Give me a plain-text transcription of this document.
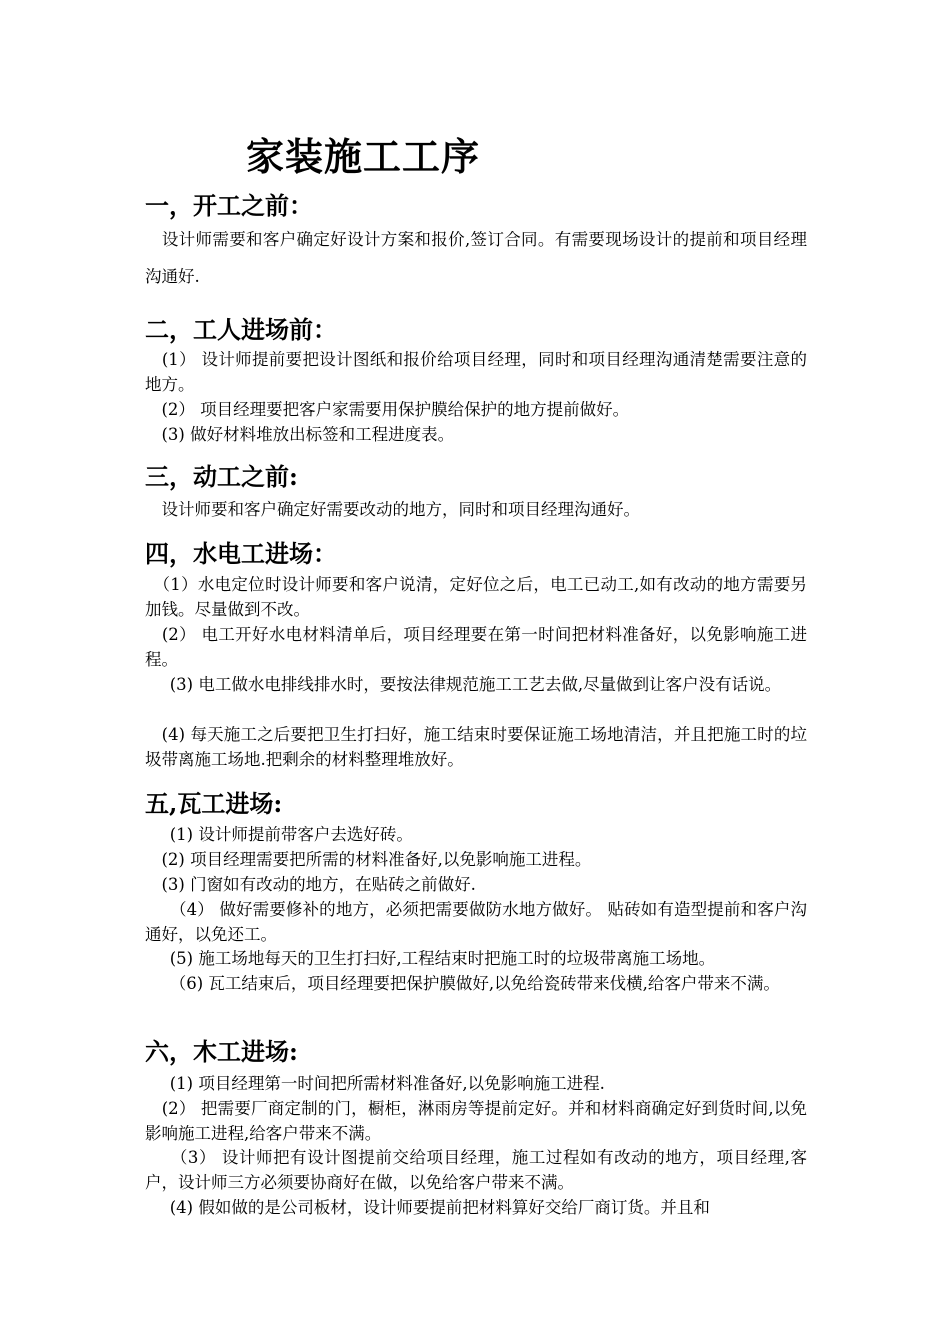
家装施工工序
一，开工之前：

　设计师需要和客户确定好设计方案和报价,签订合同。有需要现场设计的提前和项目经理沟通好.

二，工人进场前：

　(1） 设计师提前要把设计图纸和报价给项目经理，同时和项目经理沟通清楚需要注意的地方。

　(2） 项目经理要把客户家需要用保护膜给保护的地方提前做好。

　(3) 做好材料堆放出标签和工程进度表。

三，动工之前:

　设计师要和客户确定好需要改动的地方，同时和项目经理沟通好。

四，水电工进场：

　（1）水电定位时设计师要和客户说清，定好位之后，电工已动工,如有改动的地方需要另加钱。尽量做到不改。

　(2） 电工开好水电材料清单后，项目经理要在第一时间把材料准备好，以免影响施工进程。

　 (3) 电工做水电排线排水时，要按法律规范施工工艺去做,尽量做到让客户没有话说。

　(4) 每天施工之后要把卫生打扫好，施工结束时要保证施工场地清洁，并且把施工时的垃圾带离施工场地.把剩余的材料整理堆放好。

五,瓦工进场:

　 (1) 设计师提前带客户去选好砖。

　(2) 项目经理需要把所需的材料准备好,以免影响施工进程。

　(3) 门窗如有改动的地方，在贴砖之前做好.

　 （4） 做好需要修补的地方，必须把需要做防水地方做好。 贴砖如有造型提前和客户沟通好，以免还工。

　 (5) 施工场地每天的卫生打扫好,工程结束时把施工时的垃圾带离施工场地。

　 （6) 瓦工结束后，项目经理要把保护膜做好,以免给瓷砖带来伐横,给客户带来不满。

六，木工进场:

　 (1) 项目经理第一时间把所需材料准备好,以免影响施工进程.

　(2） 把需要厂商定制的门，橱柜，淋雨房等提前定好。并和材料商确定好到货时间,以免影响施工进程,给客户带来不满。

　 （3） 设计师把有设计图提前交给项目经理，施工过程如有改动的地方，项目经理,客户，设计师三方必须要协商好在做，以免给客户带来不满。

　 (4) 假如做的是公司板材，设计师要提前把材料算好交给厂商订货。并且和
